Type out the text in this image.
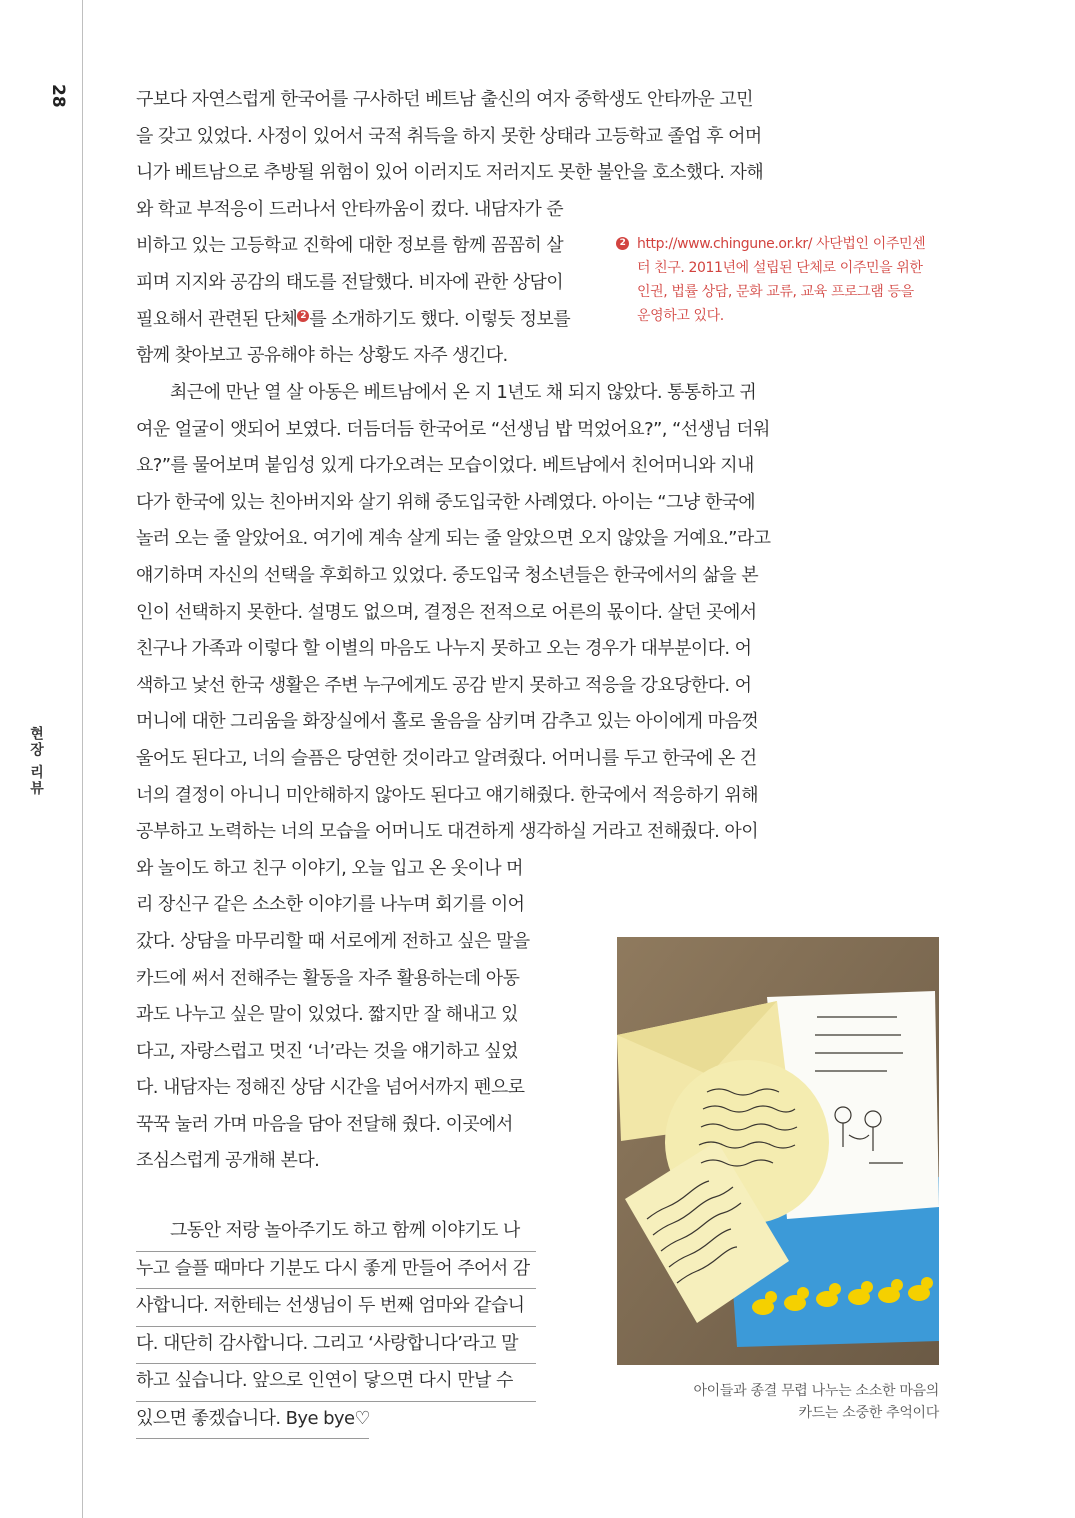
28
현장 리뷰
구보다 자연스럽게 한국어를 구사하던 베트남 출신의 여자 중학생도 안타까운 고민
을 갖고 있었다. 사정이 있어서 국적 취득을 하지 못한 상태라 고등학교 졸업 후 어머
니가 베트남으로 추방될 위험이 있어 이러지도 저러지도 못한 불안을 호소했다. 자해
와 학교 부적응이 드러나서 안타까움이 컸다. 내담자가 준
비하고 있는 고등학교 진학에 대한 정보를 함께 꼼꼼히 살
피며 지지와 공감의 태도를 전달했다. 비자에 관한 상담이
필요해서 관련된 단체 2 를 소개하기도 했다. 이렇듯 정보를
함께 찾아보고 공유해야 하는 상황도 자주 생긴다.
2 http://www.chingune.or.kr/ 사단법인 이주민센
터 친구. 2011년에 설립된 단체로 이주민을 위한
인권, 법률 상담, 문화 교류, 교육 프로그램 등을
운영하고 있다.
최근에 만난 열 살 아동은 베트남에서 온 지 1년도 채 되지 않았다. 통통하고 귀
여운 얼굴이 앳되어 보였다. 더듬더듬 한국어로 “선생님 밥 먹었어요?”, “선생님 더워
요?”를 물어보며 붙임성 있게 다가오려는 모습이었다. 베트남에서 친어머니와 지내
다가 한국에 있는 친아버지와 살기 위해 중도입국한 사례였다. 아이는 “그냥 한국에
놀러 오는 줄 알았어요. 여기에 계속 살게 되는 줄 알았으면 오지 않았을 거예요.”라고
얘기하며 자신의 선택을 후회하고 있었다. 중도입국 청소년들은 한국에서의 삶을 본
인이 선택하지 못한다. 설명도 없으며, 결정은 전적으로 어른의 몫이다. 살던 곳에서
친구나 가족과 이렇다 할 이별의 마음도 나누지 못하고 오는 경우가 대부분이다. 어
색하고 낯선 한국 생활은 주변 누구에게도 공감 받지 못하고 적응을 강요당한다. 어
머니에 대한 그리움을 화장실에서 홀로 울음을 삼키며 감추고 있는 아이에게 마음껏
울어도 된다고, 너의 슬픔은 당연한 것이라고 알려줬다. 어머니를 두고 한국에 온 건
너의 결정이 아니니 미안해하지 않아도 된다고 얘기해줬다. 한국에서 적응하기 위해
공부하고 노력하는 너의 모습을 어머니도 대견하게 생각하실 거라고 전해줬다. 아이
와 놀이도 하고 친구 이야기, 오늘 입고 온 옷이나 머
리 장신구 같은 소소한 이야기를 나누며 회기를 이어
갔다. 상담을 마무리할 때 서로에게 전하고 싶은 말을
카드에 써서 전해주는 활동을 자주 활용하는데 아동
과도 나누고 싶은 말이 있었다. 짧지만 잘 해내고 있
다고, 자랑스럽고 멋진 ‘너’라는 것을 얘기하고 싶었
다. 내담자는 정해진 상담 시간을 넘어서까지 펜으로
꾹꾹 눌러 가며 마음을 담아 전달해 줬다. 이곳에서
조심스럽게 공개해 본다.
그동안 저랑 놀아주기도 하고 함께 이야기도 나
누고 슬플 때마다 기분도 다시 좋게 만들어 주어서 감
사합니다. 저한테는 선생님이 두 번째 엄마와 같습니
다. 대단히 감사합니다. 그리고 ‘사랑합니다’라고 말
하고 싶습니다. 앞으로 인연이 닿으면 다시 만날 수
있으면 좋겠습니다. Bye bye♡
아이들과 종결 무렵 나누는 소소한 마음의
카드는 소중한 추억이다
